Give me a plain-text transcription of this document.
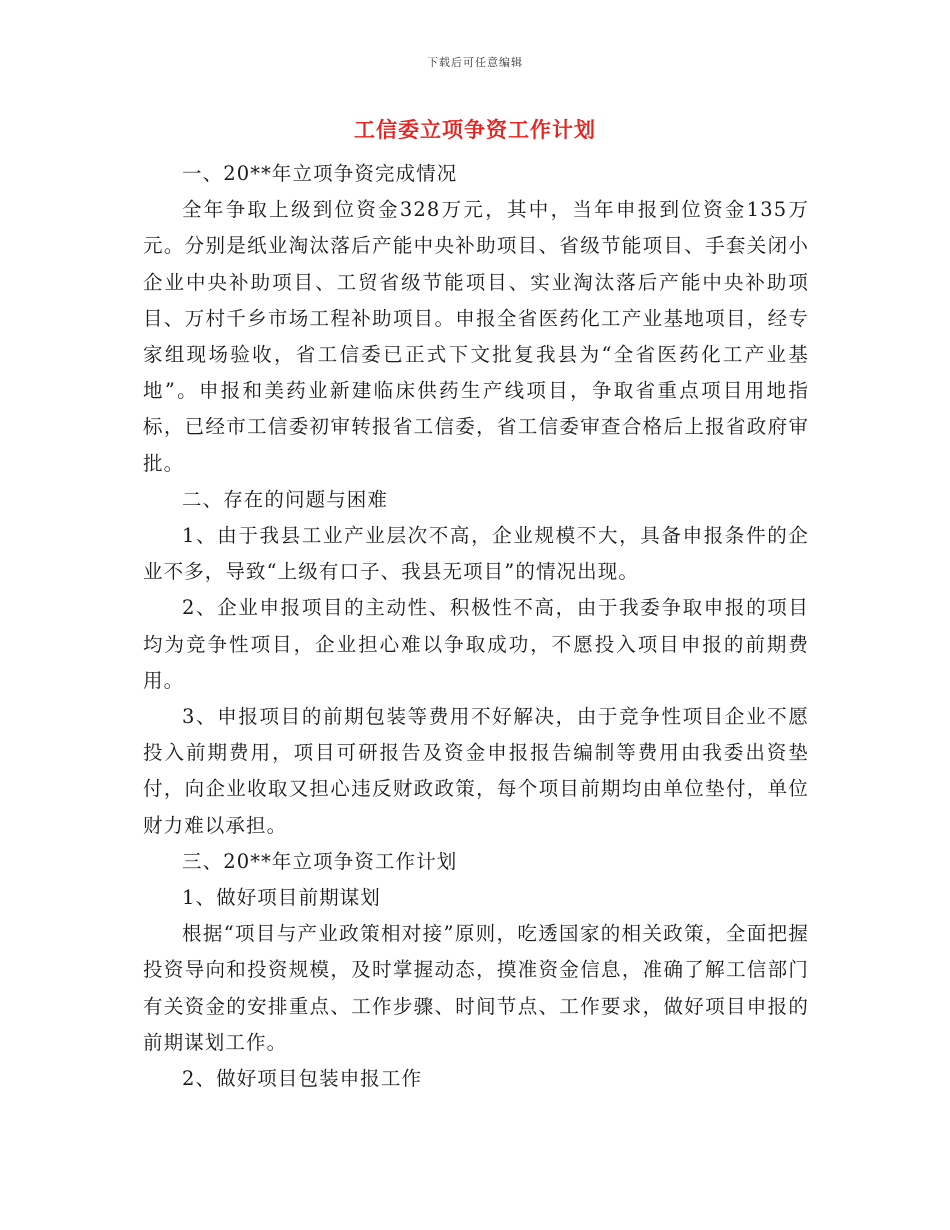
下载后可任意编辑
工信委立项争资工作计划

一、20**年立项争资完成情况

全年争取上级到位资金328万元，其中，当年申报到位资金135万元。分别是纸业淘汰落后产能中央补助项目、省级节能项目、手套关闭小企业中央补助项目、工贸省级节能项目、实业淘汰落后产能中央补助项目、万村千乡市场工程补助项目。申报全省医药化工产业基地项目，经专家组现场验收，省工信委已正式下文批复我县为“全省医药化工产业基地”。申报和美药业新建临床供药生产线项目，争取省重点项目用地指标，已经市工信委初审转报省工信委，省工信委审查合格后上报省政府审批。

二、存在的问题与困难

1、由于我县工业产业层次不高，企业规模不大，具备申报条件的企业不多，导致“上级有口子、我县无项目”的情况出现。

2、企业申报项目的主动性、积极性不高，由于我委争取申报的项目均为竞争性项目，企业担心难以争取成功，不愿投入项目申报的前期费用。

3、申报项目的前期包装等费用不好解决，由于竞争性项目企业不愿投入前期费用，项目可研报告及资金申报报告编制等费用由我委出资垫付，向企业收取又担心违反财政政策，每个项目前期均由单位垫付，单位财力难以承担。

三、20**年立项争资工作计划

1、做好项目前期谋划

根据“项目与产业政策相对接”原则，吃透国家的相关政策，全面把握投资导向和投资规模，及时掌握动态，摸准资金信息，准确了解工信部门有关资金的安排重点、工作步骤、时间节点、工作要求，做好项目申报的前期谋划工作。

2、做好项目包装申报工作
